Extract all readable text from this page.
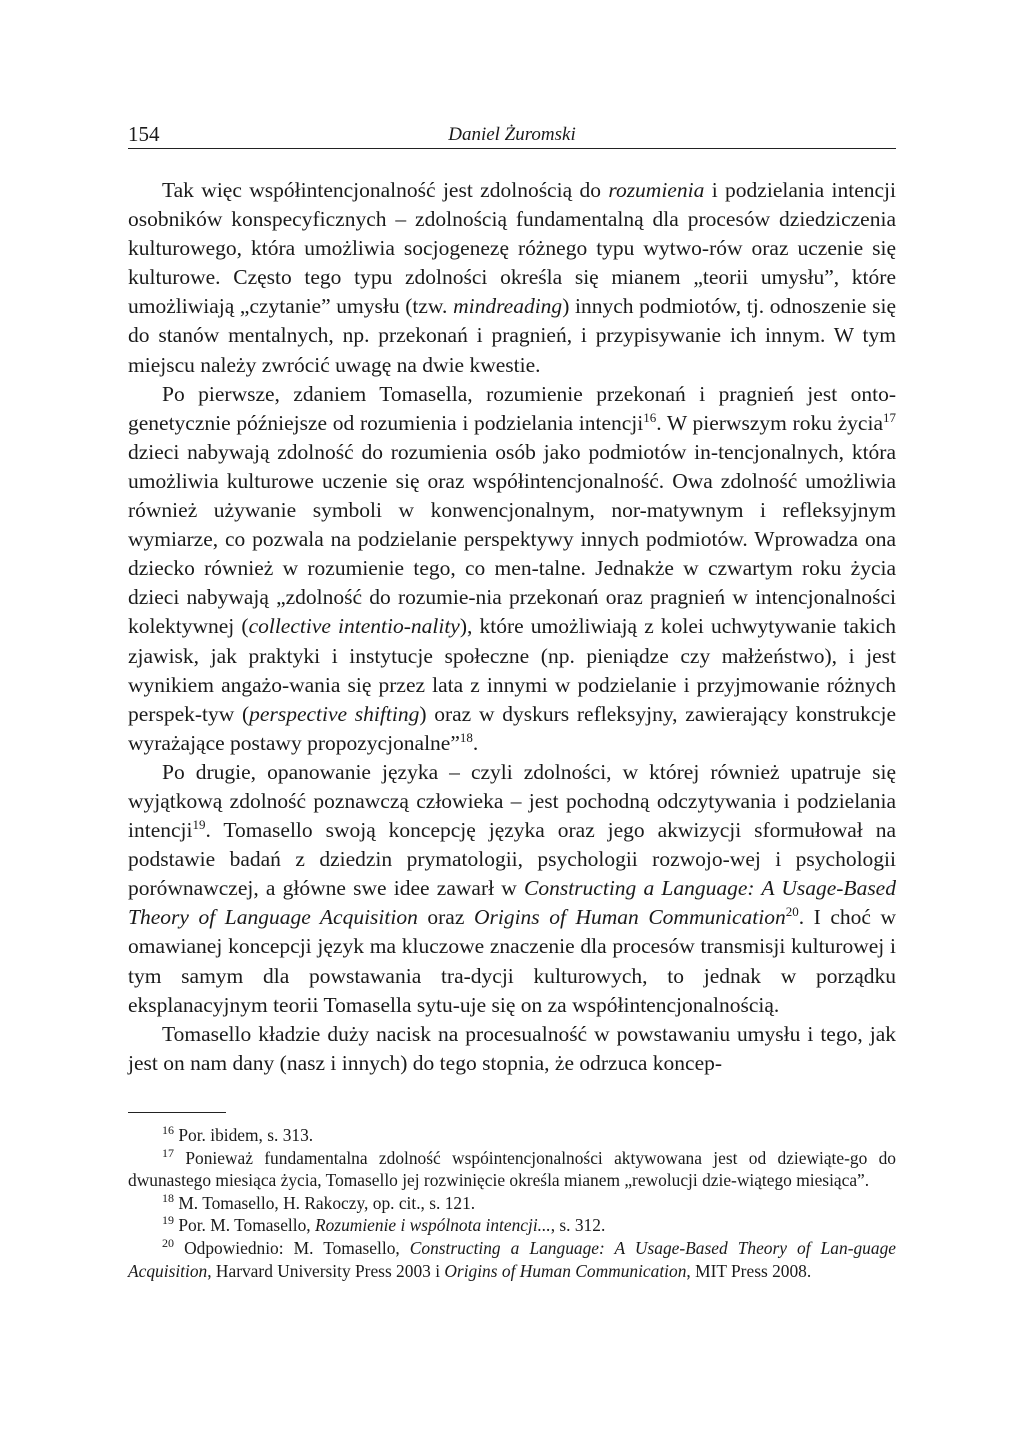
154	Daniel Żuromski

Tak więc współintencjonalność jest zdolnością do rozumienia i podzielania intencji osobników konspecyficznych – zdolnością fundamentalną dla procesów dziedziczenia kulturowego, która umożliwia socjogenezę różnego typu wytwo-rów oraz uczenie się kulturowe. Często tego typu zdolności określa się mianem „teorii umysłu”, które umożliwiają „czytanie” umysłu (tzw. mindreading) innych podmiotów, tj. odnoszenie się do stanów mentalnych, np. przekonań i pragnień, i przypisywanie ich innym. W tym miejscu należy zwrócić uwagę na dwie kwestie.

Po pierwsze, zdaniem Tomasella, rozumienie przekonań i pragnień jest onto-genetycznie późniejsze od rozumienia i podzielania intencji$^{16}$. W pierwszym roku życia$^{17}$ dzieci nabywają zdolność do rozumienia osób jako podmiotów in-tencjonalnych, która umożliwia kulturowe uczenie się oraz współintencjonalność. Owa zdolność umożliwia również używanie symboli w konwencjonalnym, nor-matywnym i refleksyjnym wymiarze, co pozwala na podzielanie perspektywy innych podmiotów. Wprowadza ona dziecko również w rozumienie tego, co men-talne. Jednakże w czwartym roku życia dzieci nabywają „zdolność do rozumie-nia przekonań oraz pragnień w intencjonalności kolektywnej (collective intentio-nality), które umożliwiają z kolei uchwytywanie takich zjawisk, jak praktyki i instytucje społeczne (np. pieniądze czy małżeństwo), i jest wynikiem angażo-wania się przez lata z innymi w podzielanie i przyjmowanie różnych perspek-tyw (perspective shifting) oraz w dyskurs refleksyjny, zawierający konstrukcje wyrażające postawy propozycjonalne”$^{18}$.

Po drugie, opanowanie języka – czyli zdolności, w której również upatruje się wyjątkową zdolność poznawczą człowieka – jest pochodną odczytywania i podzielania intencji$^{19}$. Tomasello swoją koncepcję języka oraz jego akwizycji sformułował na podstawie badań z dziedzin prymatologii, psychologii rozwojo-wej i psychologii porównawczej, a główne swe idee zawarł w Constructing a Language: A Usage-Based Theory of Language Acquisition oraz Origins of Human Communication$^{20}$. I choć w omawianej koncepcji język ma kluczowe znaczenie dla procesów transmisji kulturowej i tym samym dla powstawania tra-dycji kulturowych, to jednak w porządku eksplanacyjnym teorii Tomasella sytu-uje się on za współintencjonalnością.

Tomasello kładzie duży nacisk na procesualność w powstawaniu umysłu i tego, jak jest on nam dany (nasz i innych) do tego stopnia, że odrzuca koncep-

$^{16}$ Por. ibidem, s. 313.

$^{17}$ Ponieważ fundamentalna zdolność wspóintencjonalności aktywowana jest od dziewiąte-go do dwunastego miesiąca życia, Tomasello jej rozwinięcie określa mianem „rewolucji dzie-wiątego miesiąca”.

$^{18}$ M. Tomasello, H. Rakoczy, op. cit., s. 121.

$^{19}$ Por. M. Tomasello, Rozumienie i wspólnota intencji..., s. 312.

$^{20}$ Odpowiednio: M. Tomasello, Constructing a Language: A Usage-Based Theory of Lan-guage Acquisition, Harvard University Press 2003 i Origins of Human Communication, MIT Press 2008.
